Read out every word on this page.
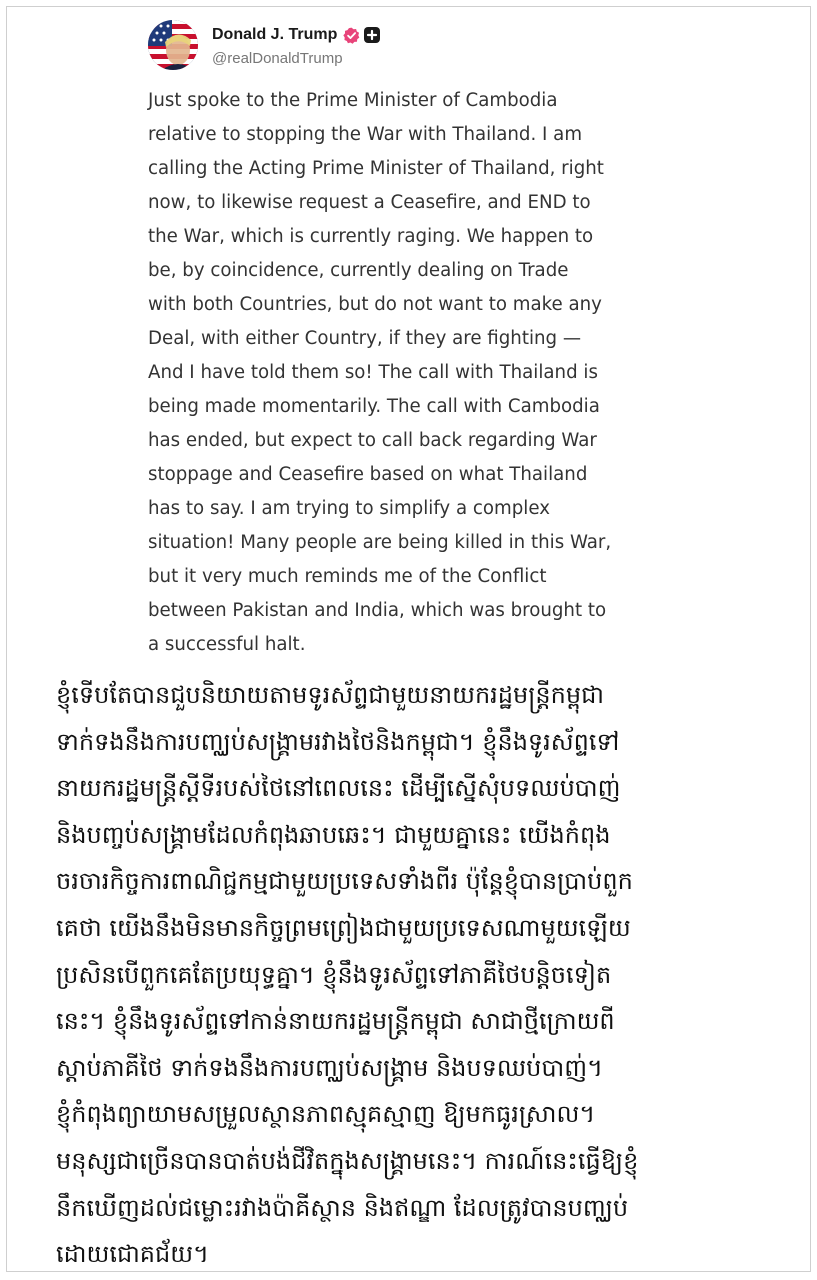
Donald J. Trump
@realDonaldTrump
Just spoke to the Prime Minister of Cambodia
relative to stopping the War with Thailand. I am
calling the Acting Prime Minister of Thailand, right
now, to likewise request a Ceasefire, and END to
the War, which is currently raging. We happen to
be, by coincidence, currently dealing on Trade
with both Countries, but do not want to make any
Deal, with either Country, if they are fighting —
And I have told them so! The call with Thailand is
being made momentarily. The call with Cambodia
has ended, but expect to call back regarding War
stoppage and Ceasefire based on what Thailand
has to say. I am trying to simplify a complex
situation! Many people are being killed in this War,
but it very much reminds me of the Conflict
between Pakistan and India, which was brought to
a successful halt.
ខ្ញុំទើបតែបានជួបនិយាយតាមទូរស័ព្ទជាមួយនាយករដ្ឋមន្ត្រីកម្ពុជា
ទាក់ទងនឹងការបញ្ឈប់សង្គ្រាមរវាងថៃនិងកម្ពុជា។ ខ្ញុំនឹងទូរស័ព្ទទៅ
នាយករដ្ឋមន្ត្រីស្តីទីរបស់ថៃនៅពេលនេះ ដើម្បីស្នើសុំបទឈប់បាញ់
និងបញ្ចប់សង្គ្រាមដែលកំពុងឆាបឆេះ។ ជាមួយគ្នានេះ យើងកំពុង
ចរចារកិច្ចការពាណិជ្ជកម្មជាមួយប្រទេសទាំងពីរ ប៉ុន្តែខ្ញុំបានប្រាប់ពួក
គេថា យើងនឹងមិនមានកិច្ចព្រមព្រៀងជាមួយប្រទេសណាមួយឡើយ
ប្រសិនបើពួកគេតែប្រយុទ្ធគ្នា។ ខ្ញុំនឹងទូរស័ព្ទទៅភាគីថៃបន្តិចទៀត
នេះ។ ខ្ញុំនឹងទូរស័ព្ទទៅកាន់នាយករដ្ឋមន្ត្រីកម្ពុជា សាជាថ្មីក្រោយពី
ស្តាប់ភាគីថៃ ទាក់ទងនឹងការបញ្ឈប់សង្គ្រាម និងបទឈប់បាញ់។
ខ្ញុំកំពុងព្យាយាមសម្រួលស្ថានភាពស្មុគស្មាញ ឱ្យមកធូរស្រាល។
មនុស្សជាច្រើនបានបាត់បង់ជីវិតក្នុងសង្គ្រាមនេះ។ ការណ៍នេះធ្វើឱ្យខ្ញុំ
នឹកឃើញដល់ជម្លោះរវាងប៉ាគីស្ថាន និងឥណ្ឌា ដែលត្រូវបានបញ្ឈប់
ដោយជោគជ័យ។
